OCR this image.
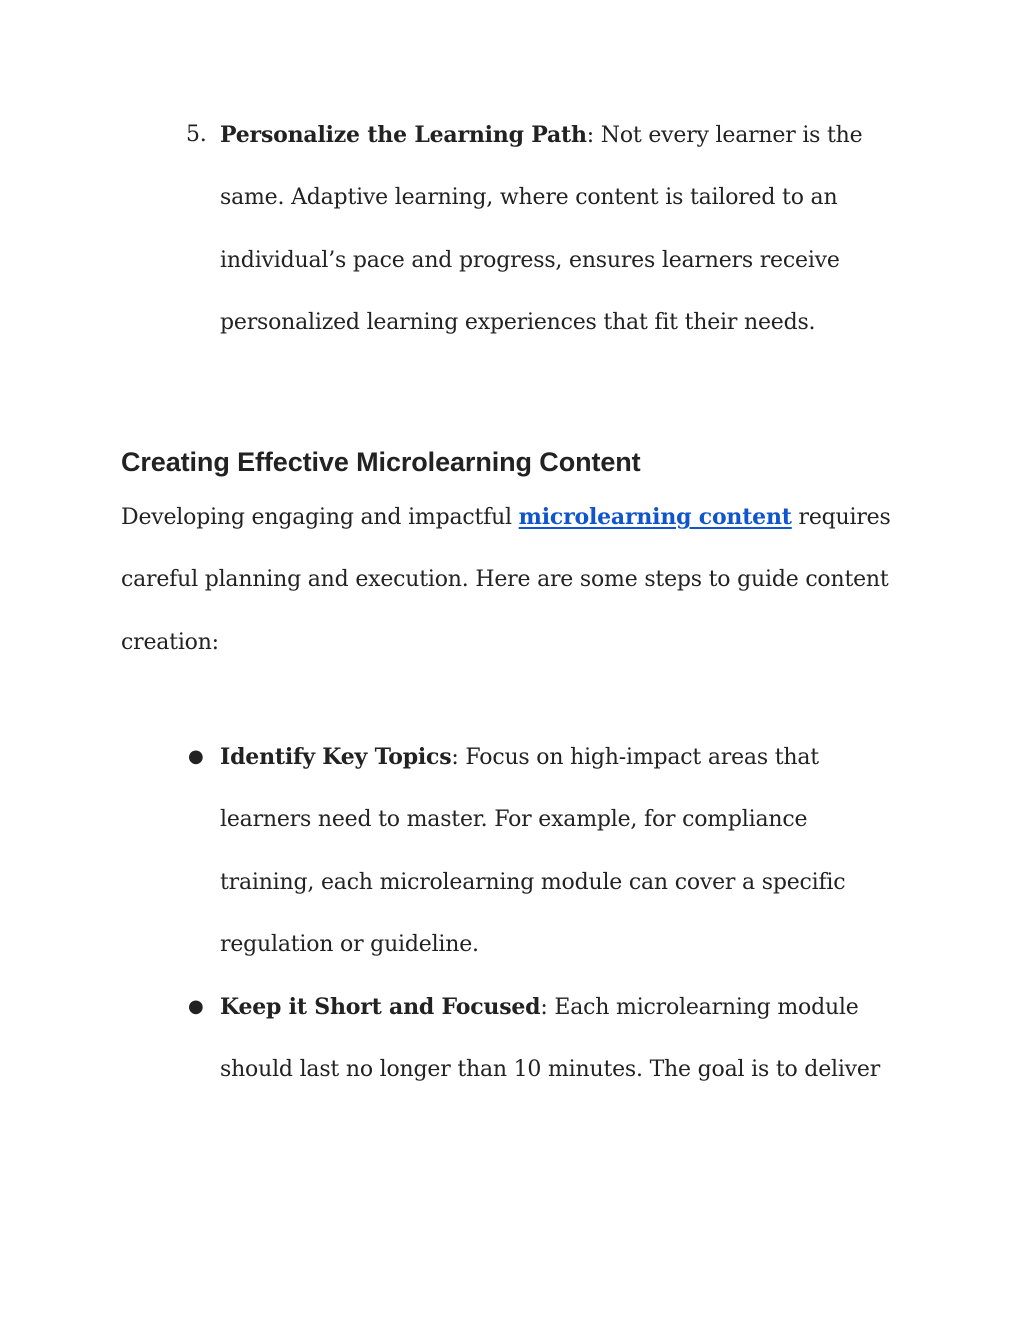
5. Personalize the Learning Path: Not every learner is the same. Adaptive learning, where content is tailored to an individual’s pace and progress, ensures learners receive personalized learning experiences that fit their needs.
Creating Effective Microlearning Content

Developing engaging and impactful microlearning content requires careful planning and execution. Here are some steps to guide content creation:

● Identify Key Topics: Focus on high-impact areas that learners need to master. For example, for compliance training, each microlearning module can cover a specific regulation or guideline.
● Keep it Short and Focused: Each microlearning module should last no longer than 10 minutes. The goal is to deliver
